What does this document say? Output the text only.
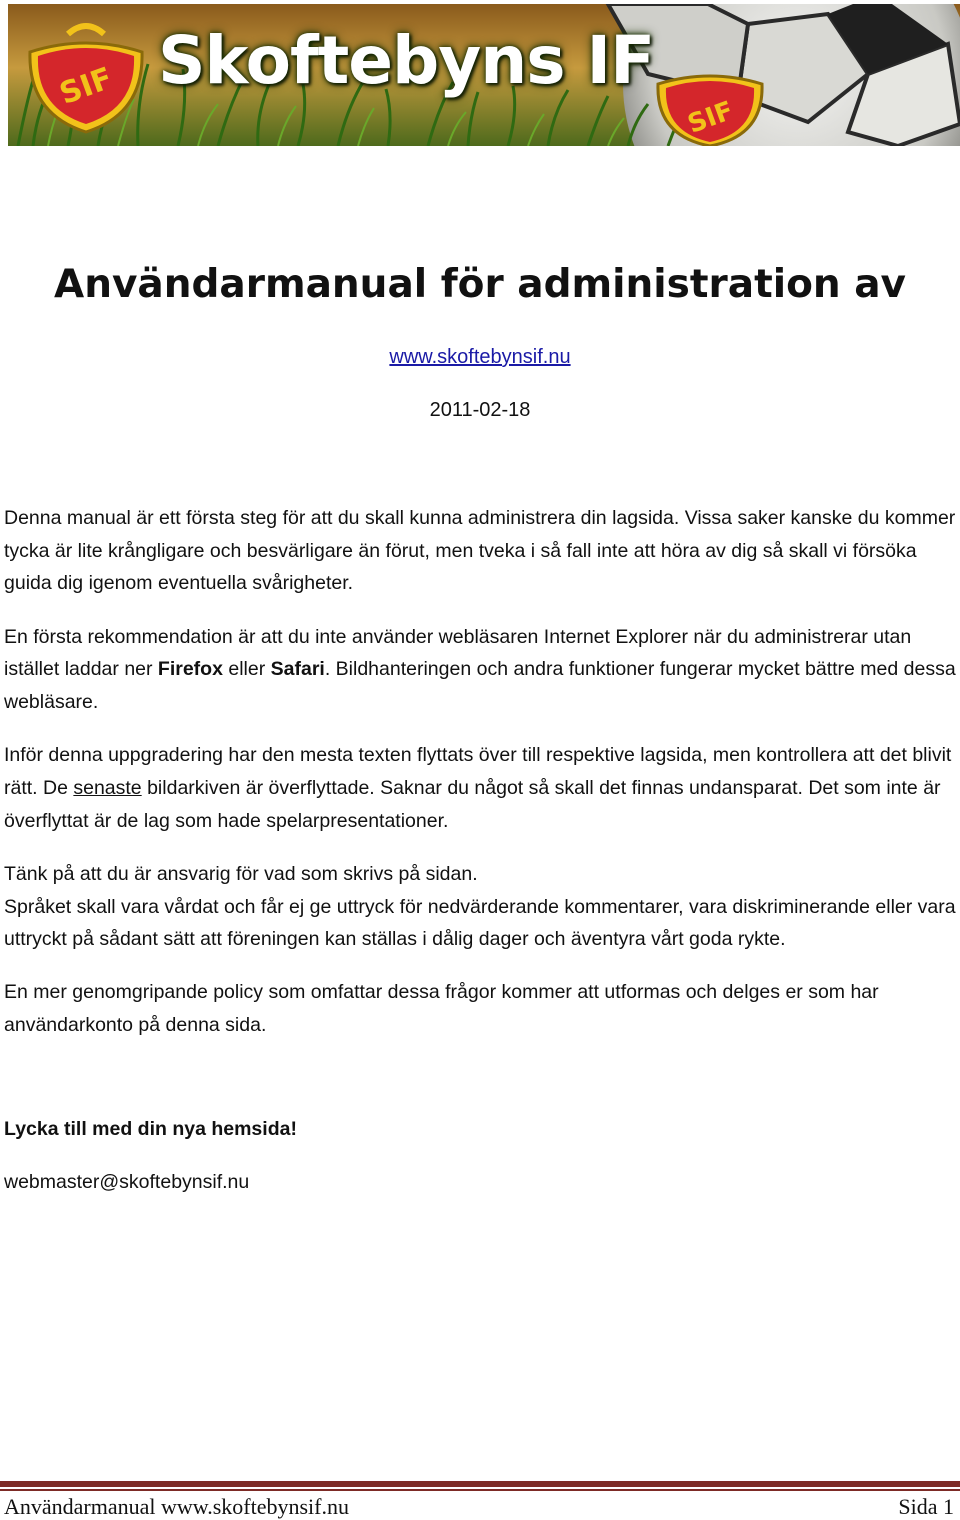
SIF
SIF
Skoftebyns IF
Användarmanual för administration av
www.skoftebynsif.nu
2011-02-18

Denna manual är ett första steg för att du skall kunna administrera din lagsida. Vissa saker kanske du kommer tycka är lite krångligare och besvärligare än förut, men tveka i så fall inte att höra av dig så skall vi försöka guida dig igenom eventuella svårigheter.

En första rekommendation är att du inte använder webläsaren Internet Explorer när du administrerar utan istället laddar ner Firefox eller Safari. Bildhanteringen och andra funktioner fungerar mycket bättre med dessa webläsare.

Inför denna uppgradering har den mesta texten flyttats över till respektive lagsida, men kontrollera att det blivit rätt. De senaste bildarkiven är överflyttade. Saknar du något så skall det finnas undansparat. Det som inte är överflyttat är de lag som hade spelarpresentationer.

Tänk på att du är ansvarig för vad som skrivs på sidan.

Språket skall vara vårdat och får ej ge uttryck för nedvärderande kommentarer, vara diskriminerande eller vara uttryckt på sådant sätt att föreningen kan ställas i dålig dager och äventyra vårt goda rykte.

En mer genomgripande policy som omfattar dessa frågor kommer att utformas och delges er som har användarkonto på denna sida.

Lycka till med din nya hemsida!

webmaster@skoftebynsif.nu

Användarmanual www.skoftebynsif.nu	Sida 1
